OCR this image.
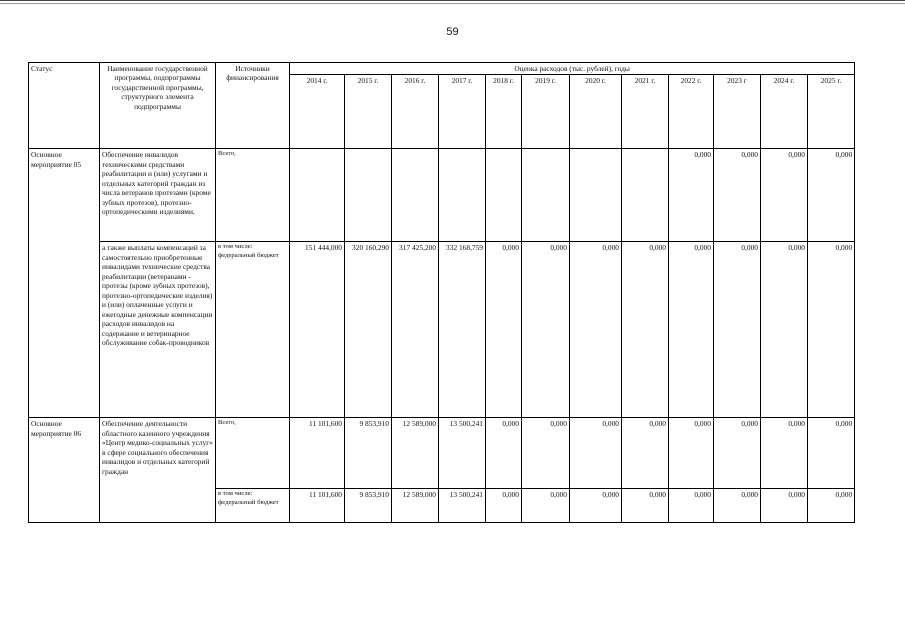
59
Статус	Наименование государственной программы, подпрограммы государственной программы, структурного элемента подпрограммы	Источники финансирования	Оценка расходов (тыс. рублей), годы											
			2014 г.	2015 г.	2016 г.	2017 г.	2018 г.	2019 г.	2020 г.	2021 г.	2022 г.	2023 г	2024 г.	2025 г.
Основное мероприятие 05	Обеспечение инвалидов техническими средствами реабилитации и (или) услугами и отдельных категорий граждан из числа ветеранов протезами (кроме зубных протезов), протезно-ортопедическими изделиями,	Всего,									0,000	0,000	0,000	0,000
	а также выплаты компенсаций за самостоятельно приобретенные инвалидами технические средства реабилитации (ветеранами - протезы (кроме зубных протезов), протезно-ортопедические изделия) и (или) оплаченные услуги и ежегодные денежные компенсации расходов инвалидов на содержание и ветеринарное обслуживание собак-проводников	в том числе: федеральный бюджет	151 444,000	320 160,290	317 425,200	332 168,759	0,000	0,000	0,000	0,000	0,000	0,000	0,000	0,000
Основное мероприятие 06	Обеспечение деятельности областного казенного учреждения «Центр медико-социальных услуг» в сфере социального обеспечения инвалидов и отдельных категорий граждан	Всего,	11 101,600	9 853,910	12 589,000	13 500,241	0,000	0,000	0,000	0,000	0,000	0,000	0,000	0,000
		в том числе: федеральный бюджет	11 101,600	9 853,910	12 589,000	13 500,241	0,000	0,000	0,000	0,000	0,000	0,000	0,000	0,000
